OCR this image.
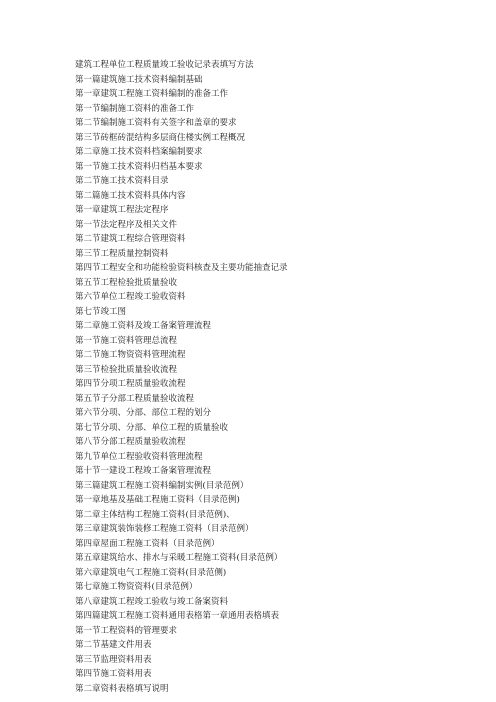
建筑工程单位工程质量竣工验收记录表填写方法
第一篇建筑施工技术资料编制基础
第一章建筑工程施工资料编制的准备工作
第一节编制施工资料的准备工作
第二节编制施工资料有关签字和盖章的要求
第三节砖框砖混结构多层商住楼实例工程概况
第二章施工技术资料档案编制要求
第一节施工技术资料归档基本要求
第二节施工技术资料目录
第二篇施工技术资料具体内容
第一章建筑工程法定程序
第一节法定程序及相关文件
第二节建筑工程综合管理资料
第三节工程质量控制资料
第四节工程安全和功能检验资料核查及主要功能抽查记录
第五节工程检验批质量验收
第六节单位工程竣工验收资料
第七节竣工图
第二章施工资料及竣工备案管理流程
第一节施工资料管理总流程
第二节施工物资资料管理流程
第三节检验批质量验收流程
第四节分项工程质量验收流程
第五节子分部工程质量验收流程
第六节分项、分部、部位工程的划分
第七节分项、分部、单位工程的质量验收
第八节分部工程质量验收流程
第九节单位工程验收资料管理流程
第十节一建设工程竣工备案管理流程
第三篇建筑工程施工资料编制实例(目录范例）
第一章地基及基础工程施工资料（目录范例)
第二章主体结构工程施工资料(目录范例)、
第三章建筑装饰装修工程施工资料（目录范例）
第四章屋面工程施工资料（目录范例）
第五章建筑给水、排水与采暖工程施工资料(目录范例）
第六章建筑电气工程施工资料(目录范侧)
第七章施工物资资料(目录范例）
第八章建筑工程竣工验收与竣工备案资料
第四篇建筑工程施工资料通用表格第一章通用表格填表
第一节工程资料的管理要求
第二节基建文件用表
第三节监理资料用表
第四节施工资料用表
第二章资料表格填写说明
